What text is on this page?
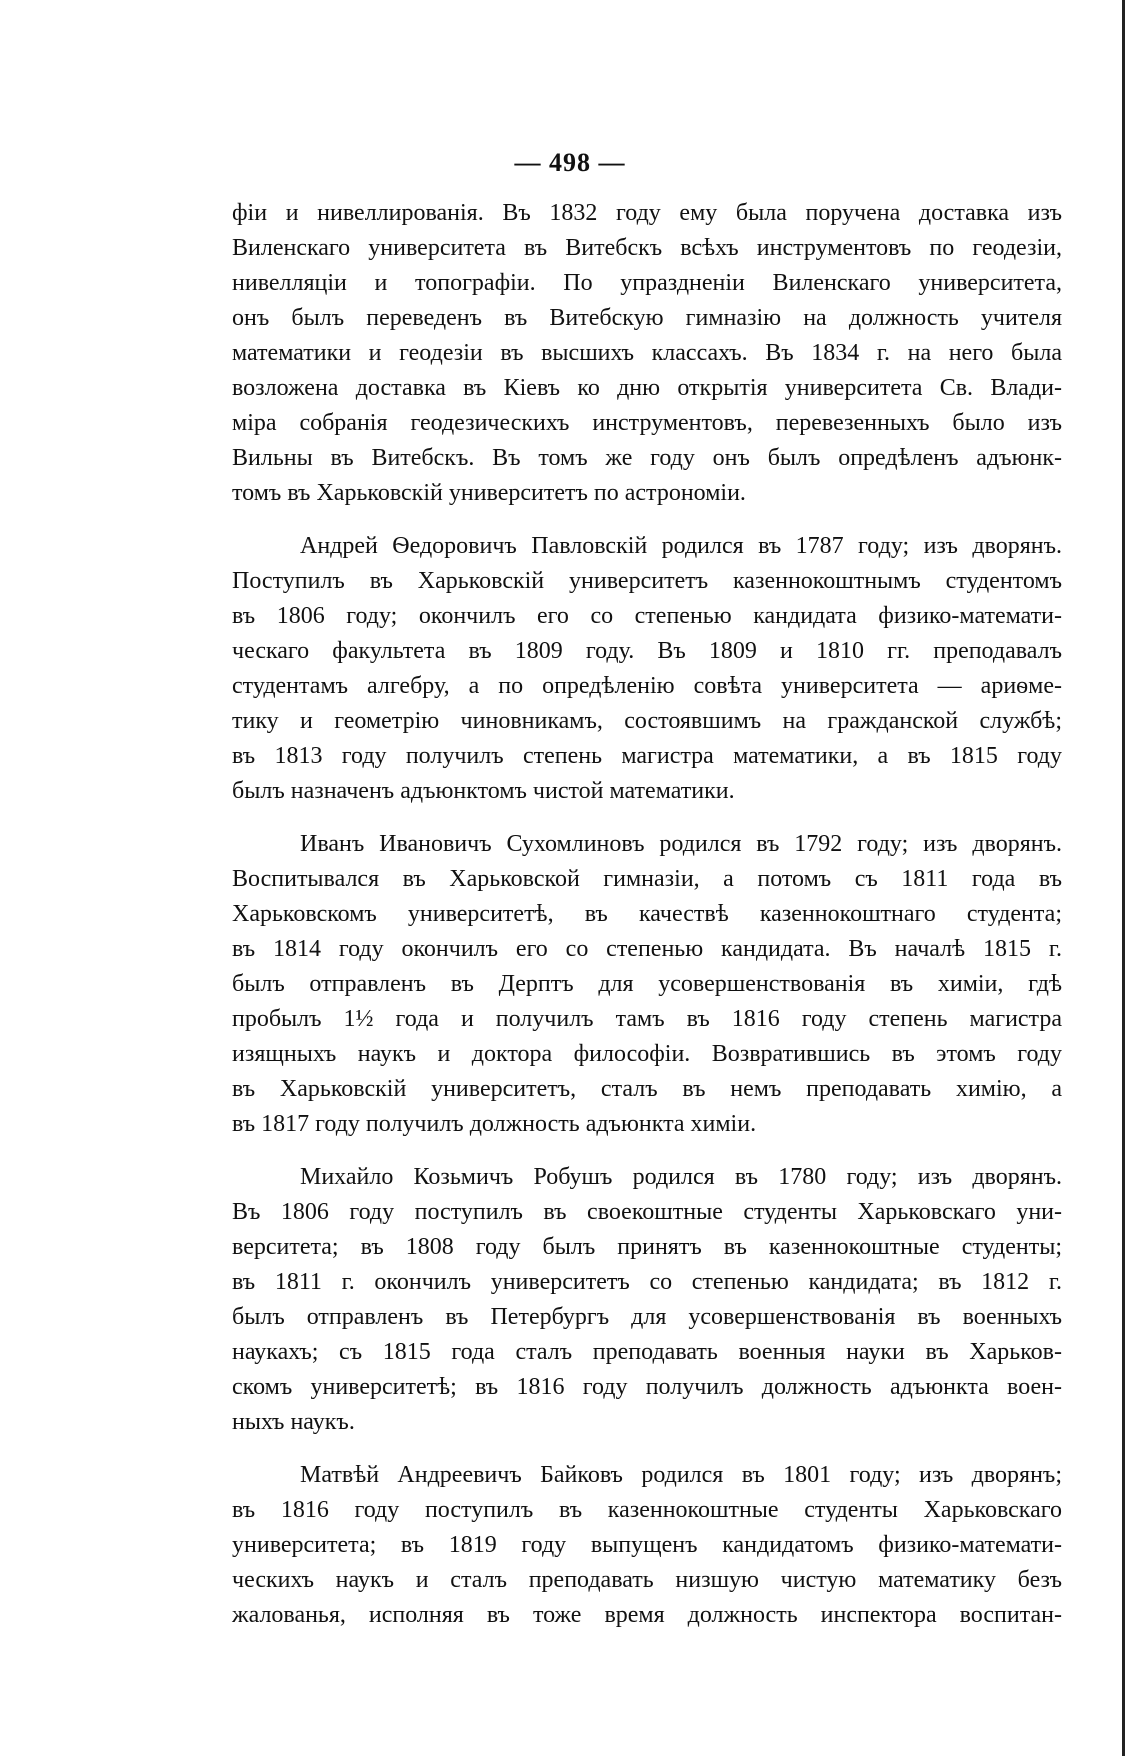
— 498 —
фіи и нивеллированія. Въ 1832 году ему была поручена доставка изъ
Виленскаго университета въ Витебскъ всѣхъ инструментовъ по геодезіи,
нивелляціи и топографіи. По упраздненіи Виленскаго университета,
онъ былъ переведенъ въ Витебскую гимназію на должность учителя
математики и геодезіи въ высшихъ классахъ. Въ 1834 г. на него была
возложена доставка въ Кіевъ ко дню открытія университета Св. Влади-
міра собранія геодезическихъ инструментовъ, перевезенныхъ было изъ
Вильны въ Витебскъ. Въ томъ же году онъ былъ опредѣленъ адъюнк-
томъ въ Харьковскій университетъ по астрономіи.
Андрей Ѳедоровичъ Павловскій родился въ 1787 году; изъ дворянъ.
Поступилъ въ Харьковскій университетъ казеннокоштнымъ студентомъ
въ 1806 году; окончилъ его со степенью кандидата физико-математи-
ческаго факультета въ 1809 году. Въ 1809 и 1810 гг. преподавалъ
студентамъ алгебру, а по опредѣленію совѣта университета — ариѳме-
тику и геометрію чиновникамъ, состоявшимъ на гражданской службѣ;
въ 1813 году получилъ степень магистра математики, а въ 1815 году
былъ назначенъ адъюнктомъ чистой математики.
Иванъ Ивановичъ Сухомлиновъ родился въ 1792 году; изъ дворянъ.
Воспитывался въ Харьковской гимназіи, а потомъ съ 1811 года въ
Харьковскомъ университетѣ, въ качествѣ казеннокоштнаго студента;
въ 1814 году окончилъ его со степенью кандидата. Въ началѣ 1815 г.
былъ отправленъ въ Дерптъ для усовершенствованія въ химіи, гдѣ
пробылъ 1½ года и получилъ тамъ въ 1816 году степень магистра
изящныхъ наукъ и доктора философіи. Возвратившись въ этомъ году
въ Харьковскій университетъ, сталъ въ немъ преподавать химію, а
въ 1817 году получилъ должность адъюнкта химіи.
Михайло Козьмичъ Робушъ родился въ 1780 году; изъ дворянъ.
Въ 1806 году поступилъ въ своекоштные студенты Харьковскаго уни-
верситета; въ 1808 году былъ принятъ въ казеннокоштные студенты;
въ 1811 г. окончилъ университетъ со степенью кандидата; въ 1812 г.
былъ отправленъ въ Петербургъ для усовершенствованія въ военныхъ
наукахъ; съ 1815 года сталъ преподавать военныя науки въ Харьков-
скомъ университетѣ; въ 1816 году получилъ должность адъюнкта воен-
ныхъ наукъ.
Матвѣй Андреевичъ Байковъ родился въ 1801 году; изъ дворянъ;
въ 1816 году поступилъ въ казеннокоштные студенты Харьковскаго
университета; въ 1819 году выпущенъ кандидатомъ физико-математи-
ческихъ наукъ и сталъ преподавать низшую чистую математику безъ
жалованья, исполняя въ тоже время должность инспектора воспитан-
